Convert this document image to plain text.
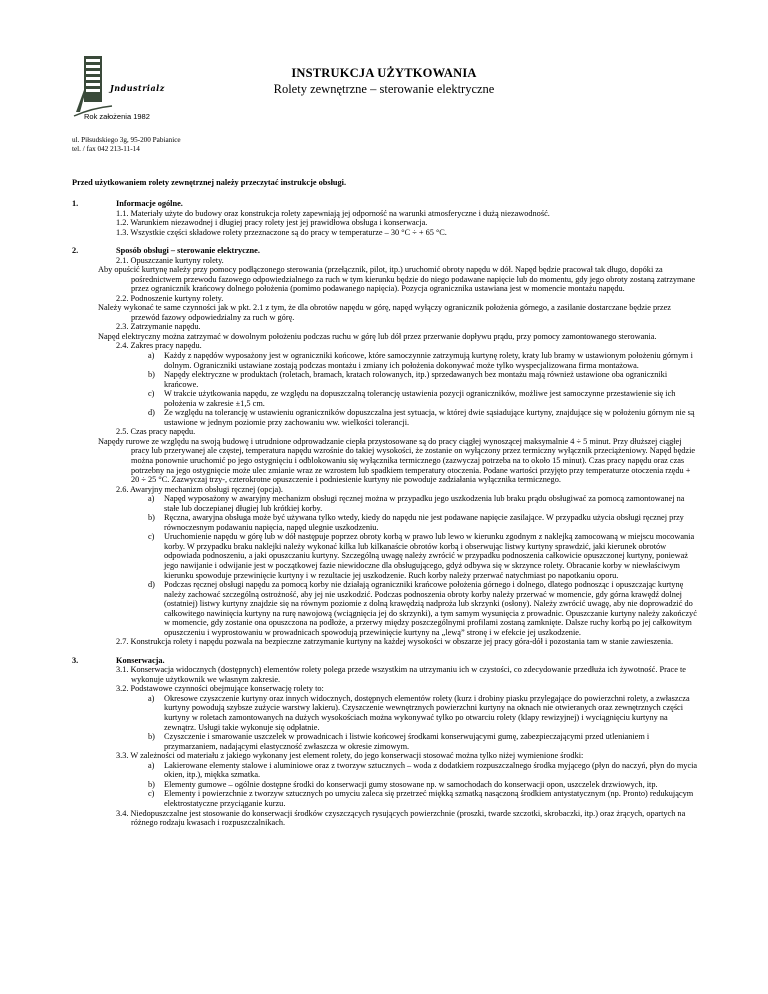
Jndustrialz
Rok założenia 1982
ul. Piłsudskiego 3g, 95-200 Pabianice
tel. / fax 042 213-11-14
INSTRUKCJA UŻYTKOWANIA
Rolety zewnętrzne – sterowanie elektryczne
Przed użytkowaniem rolety zewnętrznej należy przeczytać instrukcje obsługi.
1.	Informacje ogólne.
1.1. Materiały użyte do budowy oraz konstrukcja rolety zapewniają jej odporność na warunki atmosferyczne i dużą niezawodność.
1.2. Warunkiem niezawodnej i długiej pracy rolety jest jej prawidłowa obsługa i konserwacja.
1.3. Wszystkie części składowe rolety przeznaczone są do pracy w temperaturze – 30 °C ÷ + 65 °C.
2.	Sposób obsługi – sterowanie elektryczne.
2.1. Opuszczanie kurtyny rolety.
Aby opuścić kurtynę należy przy pomocy podłączonego sterowania (przełącznik, pilot, itp.) uruchomić obroty napędu w dół. Napęd będzie pracował tak długo, dopóki za pośrednictwem przewodu fazowego odpowiedzialnego za ruch w tym kierunku będzie do niego podawane napięcie lub do momentu, gdy jego obroty zostaną zatrzymane przez ogranicznik krańcowy dolnego położenia (pomimo podawanego napięcia). Pozycja ogranicznika ustawiana jest w momencie montażu napędu.
2.2. Podnoszenie kurtyny rolety.
Należy wykonać te same czynności jak w pkt. 2.1 z tym, że dla obrotów napędu w górę, napęd wyłączy ogranicznik położenia górnego, a zasilanie dostarczane będzie przez przewód fazowy odpowiedzialny za ruch w górę.
2.3. Zatrzymanie napędu.
Napęd elektryczny można zatrzymać w dowolnym położeniu podczas ruchu w górę lub dół przez przerwanie dopływu prądu, przy pomocy zamontowanego sterowania.
2.4. Zakres pracy napędu.
a) Każdy z napędów wyposażony jest w ograniczniki końcowe, które samoczynnie zatrzymują kurtynę rolety, kraty lub bramy w ustawionym położeniu górnym i dolnym. Ograniczniki ustawiane zostają podczas montażu i zmiany ich położenia dokonywać może tylko wyspecjalizowana firma montażowa.
b) Napędy elektryczne w produktach (roletach, bramach, kratach rolowanych, itp.) sprzedawanych bez montażu mają również ustawione oba ograniczniki krańcowe.
c) W trakcie użytkowania napędu, ze względu na dopuszczalną tolerancję ustawienia pozycji ograniczników, możliwe jest samoczynne przestawienie się ich położenia w zakresie ±1,5 cm.
d) Ze względu na tolerancję w ustawieniu ograniczników dopuszczalna jest sytuacja, w której dwie sąsiadujące kurtyny, znajdujące się w położeniu górnym nie są ustawione w jednym poziomie przy zachowaniu ww. wielkości tolerancji.
2.5. Czas pracy napędu.
Napędy rurowe ze względu na swoją budowę i utrudnione odprowadzanie ciepła przystosowane są do pracy ciągłej wynoszącej maksymalnie 4 ÷ 5 minut. Przy dłuższej ciągłej pracy lub przerywanej ale częstej, temperatura napędu wzrośnie do takiej wysokości, że zostanie on wyłączony przez termiczny wyłącznik przeciążeniowy. Napęd będzie można ponownie uruchomić po jego ostygnięciu i odblokowaniu się wyłącznika termicznego (zazwyczaj potrzeba na to około 15 minut). Czas pracy napędu oraz czas potrzebny na jego ostygnięcie może ulec zmianie wraz ze wzrostem lub spadkiem temperatury otoczenia. Podane wartości przyjęto przy temperaturze otoczenia rzędu + 20 ÷ 25 °C. Zazwyczaj trzy-, czterokrotne opuszczenie i podniesienie kurtyny nie powoduje zadziałania wyłącznika termicznego.
2.6. Awaryjny mechanizm obsługi ręcznej (opcja).
a) Napęd wyposażony w awaryjny mechanizm obsługi ręcznej można w przypadku jego uszkodzenia lub braku prądu obsługiwać za pomocą zamontowanej na stałe lub doczepianej długiej lub krótkiej korby.
b) Ręczna, awaryjna obsługa może być używana tylko wtedy, kiedy do napędu nie jest podawane napięcie zasilające. W przypadku użycia obsługi ręcznej przy równoczesnym podawaniu napięcia, napęd ulegnie uszkodzeniu.
c) Uruchomienie napędu w górę lub w dół następuje poprzez obroty korbą w prawo lub lewo w kierunku zgodnym z naklejką zamocowaną w miejscu mocowania korby. W przypadku braku naklejki należy wykonać kilka lub kilkanaście obrotów korbą i obserwując listwy kurtyny sprawdzić, jaki kierunek obrotów odpowiada podnoszeniu, a jaki opuszczaniu kurtyny. Szczególną uwagę należy zwrócić w przypadku podnoszenia całkowicie opuszczonej kurtyny, ponieważ jego nawijanie i odwijanie jest w początkowej fazie niewidoczne dla obsługującego, gdyż odbywa się w skrzynce rolety. Obracanie korby w niewłaściwym kierunku spowoduje przewinięcie kurtyny i w rezultacie jej uszkodzenie. Ruch korby należy przerwać natychmiast po napotkaniu oporu.
d) Podczas ręcznej obsługi napędu za pomocą korby nie działają ograniczniki krańcowe położenia górnego i dolnego, dlatego podnosząc i opuszczając kurtynę należy zachować szczególną ostrożność, aby jej nie uszkodzić. Podczas podnoszenia obroty korby należy przerwać w momencie, gdy górna krawędź dolnej (ostatniej) listwy kurtyny znajdzie się na równym poziomie z dolną krawędzią nadproża lub skrzynki (osłony). Należy zwrócić uwagę, aby nie doprowadzić do całkowitego nawinięcia kurtyny na rurę nawojową (wciągnięcia jej do skrzynki), a tym samym wysunięcia z prowadnic. Opuszczanie kurtyny należy zakończyć w momencie, gdy zostanie ona opuszczona na podłoże, a przerwy między poszczególnymi profilami zostaną zamknięte. Dalsze ruchy korbą po jej całkowitym opuszczeniu i wyprostowaniu w prowadnicach spowodują przewinięcie kurtyny na „lewą” stronę i w efekcie jej uszkodzenie.
2.7. Konstrukcja rolety i napędu pozwala na bezpieczne zatrzymanie kurtyny na każdej wysokości w obszarze jej pracy góra-dół i pozostania tam w stanie zawieszenia.
3.	Konserwacja.
3.1. Konserwacja widocznych (dostępnych) elementów rolety polega przede wszystkim na utrzymaniu ich w czystości, co zdecydowanie przedłuża ich żywotność. Prace te wykonuje użytkownik we własnym zakresie.
3.2. Podstawowe czynności obejmujące konserwację rolety to:
a) Okresowe czyszczenie kurtyny oraz innych widocznych, dostępnych elementów rolety (kurz i drobiny piasku przylegające do powierzchni rolety, a zwłaszcza kurtyny powodują szybsze zużycie warstwy lakieru). Czyszczenie wewnętrznych powierzchni kurtyny na oknach nie otwieranych oraz zewnętrznych części kurtyny w roletach zamontowanych na dużych wysokościach można wykonywać tylko po otwarciu rolety (klapy rewizyjnej) i wyciągnięciu kurtyny na zewnątrz. Usługi takie wykonuje się odpłatnie.
b) Czyszczenie i smarowanie uszczelek w prowadnicach i listwie końcowej środkami konserwującymi gumę, zabezpieczającymi przed utlenianiem i przymarzaniem, nadającymi elastyczność zwłaszcza w okresie zimowym.
3.3. W zależności od materiału z jakiego wykonany jest element rolety, do jego konserwacji stosować można tylko niżej wymienione środki:
a) Lakierowane elementy stalowe i aluminiowe oraz z tworzyw sztucznych – woda z dodatkiem rozpuszczalnego środka myjącego (płyn do naczyń, płyn do mycia okien, itp.), miękka szmatka.
b) Elementy gumowe – ogólnie dostępne środki do konserwacji gumy stosowane np. w samochodach do konserwacji opon, uszczelek drzwiowych, itp.
c) Elementy i powierzchnie z tworzyw sztucznych po umyciu zaleca się przetrzeć miękką szmatką nasączoną środkiem antystatycznym (np. Pronto) redukującym elektrostatyczne przyciąganie kurzu.
3.4. Niedopuszczalne jest stosowanie do konserwacji środków czyszczących rysujących powierzchnie (proszki, twarde szczotki, skrobaczki, itp.) oraz żrących, opartych na różnego rodzaju kwasach i rozpuszczalnikach.
